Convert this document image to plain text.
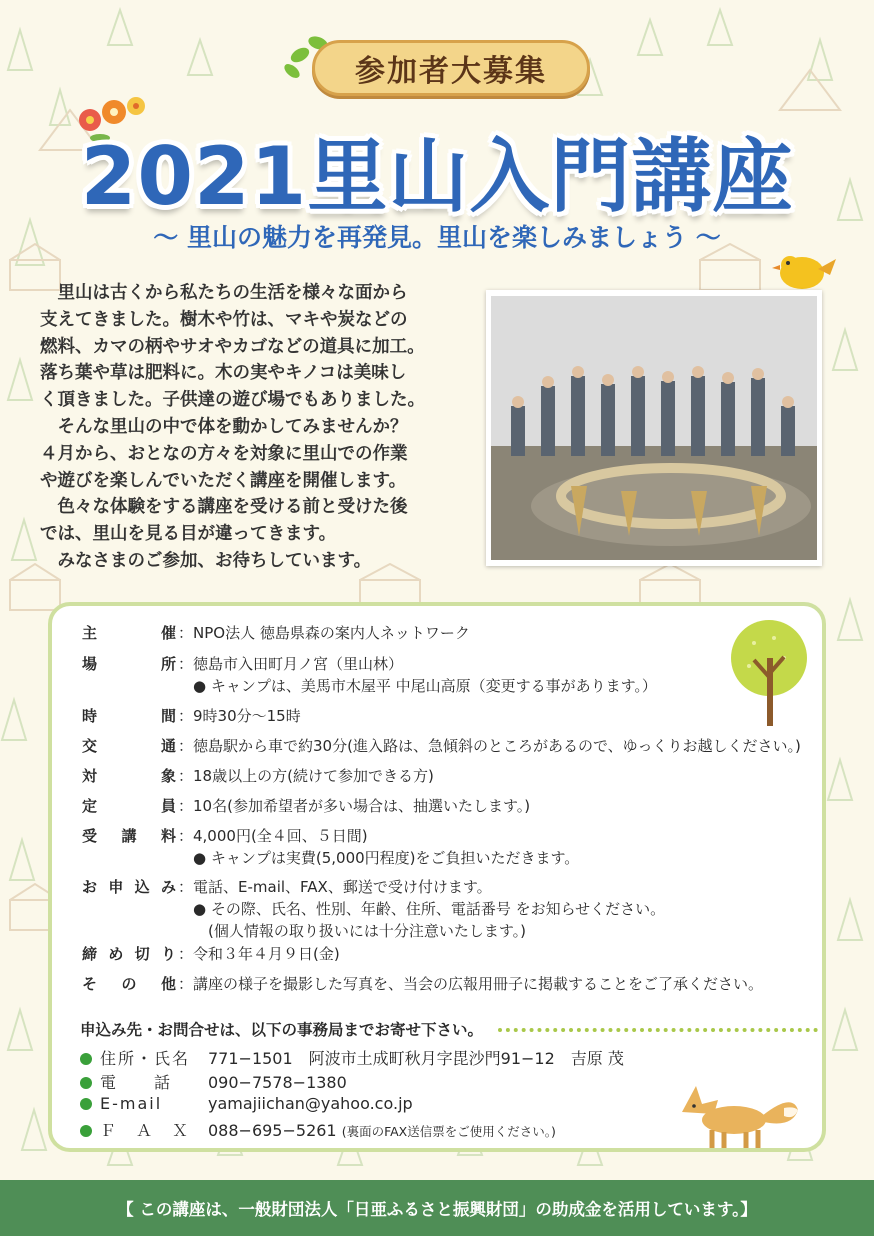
参加者大募集
2021里山入門講座
～ 里山の魅力を再発見。里山を楽しみましょう ～

　里山は古くから私たちの生活を様々な面から

支えてきました。樹木や竹は、マキや炭などの

燃料、カマの柄やサオやカゴなどの道具に加工。

落ち葉や草は肥料に。木の実やキノコは美味し

く頂きました。子供達の遊び場でもありました。

　そんな里山の中で体を動かしてみませんか？

４月から、おとなの方々を対象に里山での作業

や遊びを楽しんでいただく講座を開催します。

　色々な体験をする講座を受ける前と受けた後

では、里山を見る目が違ってきます。

　みなさまのご参加、お待ちしています。

主	催 ：NPO法人 徳島県森の案内人ネットワーク
場	所 ：徳島市入田町月ノ宮（里山林）
　● キャンプは、美馬市木屋平 中尾山高原（変更する事があります。）
時	間 ：9時30分～15時
交	通 ：徳島駅から車で約30分(進入路は、急傾斜のところがあるので、ゆっくりお越しください。)
対	象 ：18歳以上の方(続けて参加できる方)
定	員 ：10名(参加希望者が多い場合は、抽選いたします。)
受 講 料 ：4,000円(全４回、５日間)
　● キャンプは実費(5,000円程度)をご負担いただきます。
お 申 込 み ：電話、E-mail、FAX、郵送で受け付けます。
　● その際、氏名、性別、年齢、住所、電話番号 をお知らせください。
　　(個人情報の取り扱いには十分注意いたします。)
締 め 切 り ：令和３年４月９日(金)
そ の 他 ：講座の様子を撮影した写真を、当会の広報用冊子に掲載することをご了承ください。
申込み先・お問合せは、以下の事務局までお寄せ下さい。
住所・氏名 771−1501　阿波市土成町秋月字毘沙門91−12　吉原 茂
電　　話 090−7578−1380
E-mail	yamajiichan@yahoo.co.jp
Ｆ　Ａ　Ｘ 088−695−5261 (裏面のFAX送信票をご使用ください。)
【 この講座は、一般財団法人「日亜ふるさと振興財団」の助成金を活用しています。】
